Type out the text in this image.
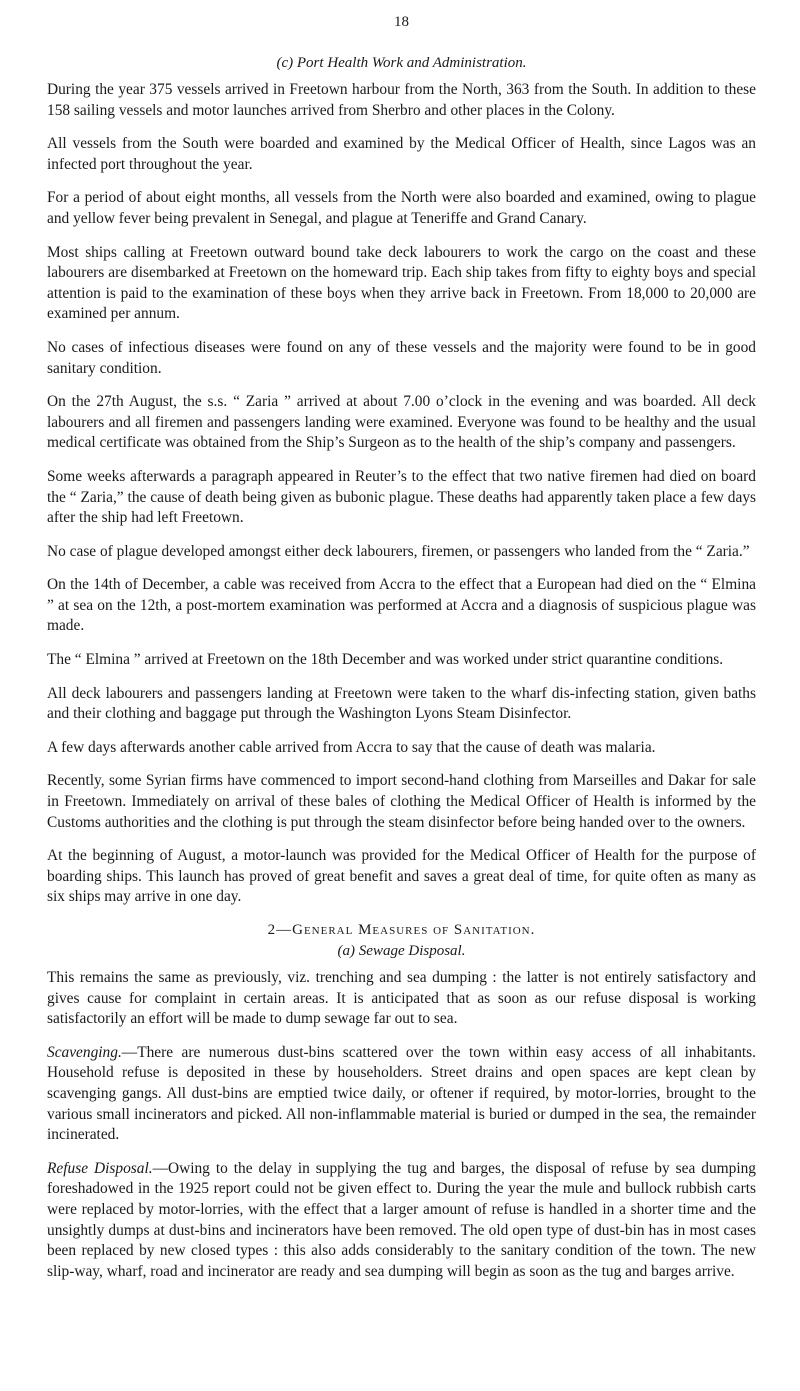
18
(c) Port Health Work and Administration.

During the year 375 vessels arrived in Freetown harbour from the North, 363 from the South. In addition to these 158 sailing vessels and motor launches arrived from Sherbro and other places in the Colony.

All vessels from the South were boarded and examined by the Medical Officer of Health, since Lagos was an infected port throughout the year.

For a period of about eight months, all vessels from the North were also boarded and examined, owing to plague and yellow fever being prevalent in Senegal, and plague at Teneriffe and Grand Canary.

Most ships calling at Freetown outward bound take deck labourers to work the cargo on the coast and these labourers are disembarked at Freetown on the homeward trip. Each ship takes from fifty to eighty boys and special attention is paid to the examination of these boys when they arrive back in Freetown. From 18,000 to 20,000 are examined per annum.

No cases of infectious diseases were found on any of these vessels and the majority were found to be in good sanitary condition.

On the 27th August, the s.s. “ Zaria ” arrived at about 7.00 o’clock in the evening and was boarded. All deck labourers and all firemen and passengers landing were examined. Everyone was found to be healthy and the usual medical certificate was obtained from the Ship’s Surgeon as to the health of the ship’s company and passengers.

Some weeks afterwards a paragraph appeared in Reuter’s to the effect that two native firemen had died on board the “ Zaria,” the cause of death being given as bubonic plague. These deaths had apparently taken place a few days after the ship had left Freetown.

No case of plague developed amongst either deck labourers, firemen, or passengers who landed from the “ Zaria.”

On the 14th of December, a cable was received from Accra to the effect that a European had died on the “ Elmina ” at sea on the 12th, a post-mortem examination was performed at Accra and a diagnosis of suspicious plague was made.

The “ Elmina ” arrived at Freetown on the 18th December and was worked under strict quarantine conditions.

All deck labourers and passengers landing at Freetown were taken to the wharf dis-infecting station, given baths and their clothing and baggage put through the Washington Lyons Steam Disinfector.

A few days afterwards another cable arrived from Accra to say that the cause of death was malaria.

Recently, some Syrian firms have commenced to import second-hand clothing from Marseilles and Dakar for sale in Freetown. Immediately on arrival of these bales of clothing the Medical Officer of Health is informed by the Customs authorities and the clothing is put through the steam disinfector before being handed over to the owners.

At the beginning of August, a motor-launch was provided for the Medical Officer of Health for the purpose of boarding ships. This launch has proved of great benefit and saves a great deal of time, for quite often as many as six ships may arrive in one day.

2—General Measures of Sanitation.
(a) Sewage Disposal.

This remains the same as previously, viz. trenching and sea dumping : the latter is not entirely satisfactory and gives cause for complaint in certain areas. It is anticipated that as soon as our refuse disposal is working satisfactorily an effort will be made to dump sewage far out to sea.

Scavenging.—There are numerous dust-bins scattered over the town within easy access of all inhabitants. Household refuse is deposited in these by householders. Street drains and open spaces are kept clean by scavenging gangs. All dust-bins are emptied twice daily, or oftener if required, by motor-lorries, brought to the various small incinerators and picked. All non-inflammable material is buried or dumped in the sea, the remainder incinerated.

Refuse Disposal.—Owing to the delay in supplying the tug and barges, the disposal of refuse by sea dumping foreshadowed in the 1925 report could not be given effect to. During the year the mule and bullock rubbish carts were replaced by motor-lorries, with the effect that a larger amount of refuse is handled in a shorter time and the unsightly dumps at dust-bins and incinerators have been removed. The old open type of dust-bin has in most cases been replaced by new closed types : this also adds considerably to the sanitary condition of the town. The new slip-way, wharf, road and incinerator are ready and sea dumping will begin as soon as the tug and barges arrive.
